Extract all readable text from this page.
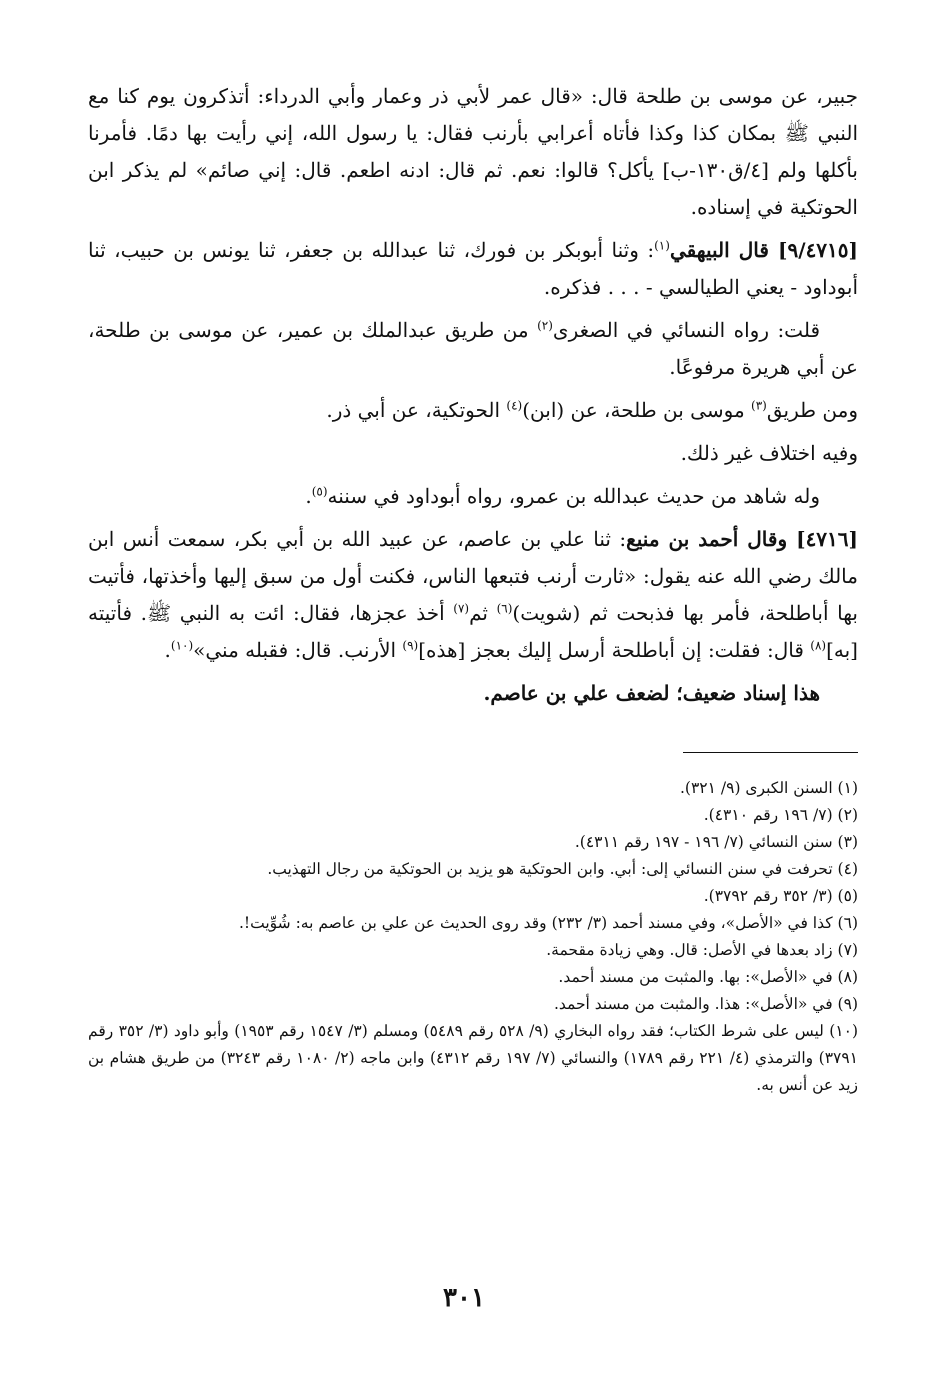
جبير، عن موسى بن طلحة قال: «قال عمر لأبي ذر وعمار وأبي الدرداء: أتذكرون يوم كنا مع النبي ﷺ بمكان كذا وكذا فأتاه أعرابي بأرنب فقال: يا رسول الله، إني رأيت بها دمًا. فأمرنا بأكلها ولم [٤/ق١٣٠-ب] يأكل؟ قالوا: نعم. ثم قال: ادنه اطعم. قال: إني صائم» لم يذكر ابن الحوتكية في إسناده.

[٩/٤٧١٥] قال البيهقي$^{(١)}$: وثنا أبوبكر بن فورك، ثنا عبدالله بن جعفر، ثنا يونس بن حبيب، ثنا أبوداود - يعني الطيالسي - . . . فذكره.

قلت: رواه النسائي في الصغرى$^{(٢)}$ من طريق عبدالملك بن عمير، عن موسى بن طلحة، عن أبي هريرة مرفوعًا.

ومن طريق$^{(٣)}$ موسى بن طلحة، عن (ابن)$^{(٤)}$ الحوتكية، عن أبي ذر.

وفيه اختلاف غير ذلك.

وله شاهد من حديث عبدالله بن عمرو، رواه أبوداود في سننه$^{(٥)}$.

[٤٧١٦] وقال أحمد بن منيع: ثنا علي بن عاصم، عن عبيد الله بن أبي بكر، سمعت أنس ابن مالك رضي الله عنه يقول: «ثارت أرنب فتبعها الناس، فكنت أول من سبق إليها وأخذتها، فأتيت بها أباطلحة، فأمر بها فذبحت ثم (شويت)$^{(٦)}$ ثم$^{(٧)}$ أخذ عجزها، فقال: ائت به النبي ﷺ. فأتيته [به]$^{(٨)}$ قال: فقلت: إن أباطلحة أرسل إليك بعجز [هذه]$^{(٩)}$ الأرنب. قال: فقبله مني»$^{(١٠)}$.

هذا إسناد ضعيف؛ لضعف علي بن عاصم.

(١) السنن الكبرى (٩/ ٣٢١).

(٢) (٧/ ١٩٦ رقم ٤٣١٠).

(٣) سنن النسائي (٧/ ١٩٦ - ١٩٧ رقم ٤٣١١).

(٤) تحرفت في سنن النسائي إلى: أبي. وابن الحوتكية هو يزيد بن الحوتكية من رجال التهذيب.

(٥) (٣/ ٣٥٢ رقم ٣٧٩٢).

(٦) كذا في «الأصل»، وفي مسند أحمد (٣/ ٢٣٢) وقد روى الحديث عن علي بن عاصم به: شُوِّيت!.

(٧) زاد بعدها في الأصل: قال. وهي زيادة مقحمة.

(٨) في «الأصل»: بها. والمثبت من مسند أحمد.

(٩) في «الأصل»: هذا. والمثبت من مسند أحمد.

(١٠) ليس على شرط الكتاب؛ فقد رواه البخاري (٩/ ٥٢٨ رقم ٥٤٨٩) ومسلم (٣/ ١٥٤٧ رقم ١٩٥٣) وأبو داود (٣/ ٣٥٢ رقم ٣٧٩١) والترمذي (٤/ ٢٢١ رقم ١٧٨٩) والنسائي (٧/ ١٩٧ رقم ٤٣١٢) وابن ماجه (٢/ ١٠٨٠ رقم ٣٢٤٣) من طريق هشام بن زيد عن أنس به.

٣٠١
